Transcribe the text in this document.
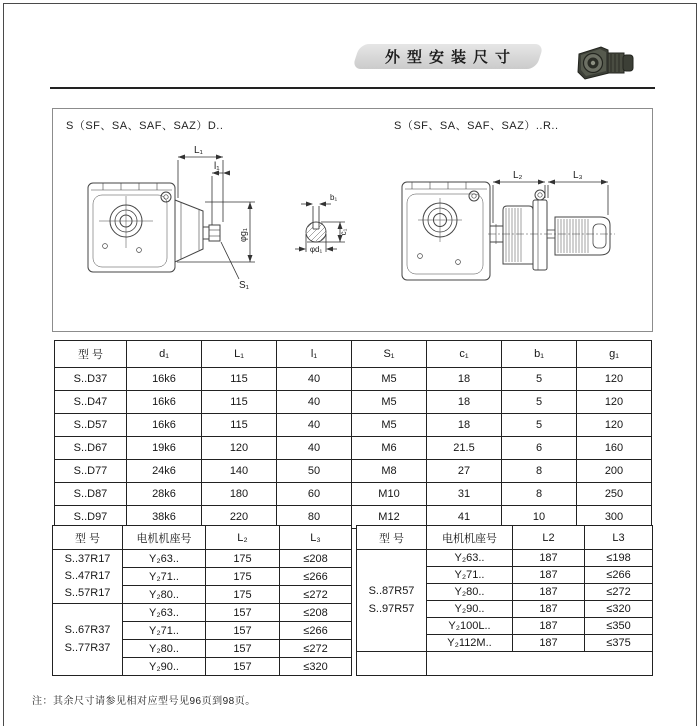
外型安装尺寸
S（SF、SA、SAF、SAZ）D..	S（SF、SA、SAF、SAZ）..R..
L₁
l₁
φg₁
S₁
b₁
c₁
φd₁
L₂	L₃
型 号	d₁	L₁	l₁	S₁	c₁	b₁	g₁
S..D37	16k6	115	40	M5	18	5	120
S..D47	16k6	115	40	M5	18	5	120
S..D57	16k6	115	40	M5	18	5	120
S..D67	19k6	120	40	M6	21.5	6	160
S..D77	24k6	140	50	M8	27	8	200
S..D87	28k6	180	60	M10	31	8	250
S..D97	38k6	220	80	M12	41	10	300
型 号	电机机座号	L₂	L₃

S..37R17
S..47R17
S..57R17	Y₂63..	175	≤208
	Y₂71..	175	≤266
	Y₂80..	175	≤272

S..67R37
S..77R37	Y₂63..	157	≤208
	Y₂71..	157	≤266
	Y₂80..	157	≤272
	Y₂90..	157	≤320
型 号	电机机座号	L2	L3

S..87R57
S..97R57	Y₂63..	187	≤198
	Y₂71..	187	≤266
	Y₂80..	187	≤272
	Y₂90..	187	≤320
	Y₂100L..	187	≤350
	Y₂112M..	187	≤375

注：其余尺寸请参见相对应型号见96页到98页。
